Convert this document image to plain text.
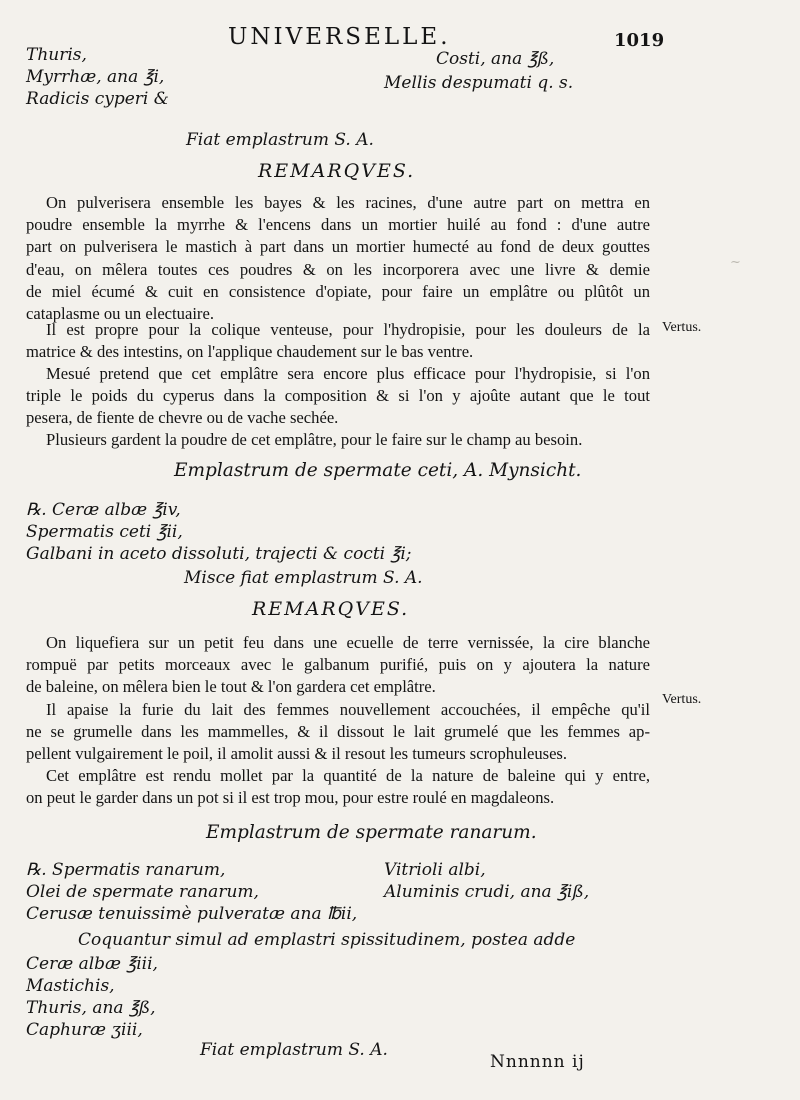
UNIVERSELLE.	1019
Thuris,
Myrrhæ, ana ℥i,
Radicis cyperi &
Costi, ana ℥ß,
Mellis despumati q. s.
Fiat emplastrum S. A.
REMARQVES.
On pulverisera ensemble les bayes & les racines, d'une autre part on mettra en
poudre ensemble la myrrhe & l'encens dans un mortier huilé au fond : d'une autre
part on pulverisera le mastich à part dans un mortier humecté au fond de deux gouttes
d'eau, on mêlera toutes ces poudres & on les incorporera avec une livre & demie
de miel écumé & cuit en consistence d'opiate, pour faire un emplâtre ou plûtôt un
cataplasme ou un electuaire.
Il est propre pour la colique venteuse, pour l'hydropisie, pour les douleurs de la
matrice & des intestins, on l'applique chaudement sur le bas ventre.
Vertus.
Mesué pretend que cet emplâtre sera encore plus efficace pour l'hydropisie, si l'on
triple le poids du cyperus dans la composition & si l'on y ajoûte autant que le tout
pesera, de fiente de chevre ou de vache sechée.
Plusieurs gardent la poudre de cet emplâtre, pour le faire sur le champ au besoin.
Emplastrum de spermate ceti, A. Mynsicht.
℞. Ceræ albæ ℥iv,
Spermatis ceti ℥ii,
Galbani in aceto dissoluti, trajecti & cocti ℥i;
Misce fiat emplastrum S. A.
REMARQVES.
On liquefiera sur un petit feu dans une ecuelle de terre vernissée, la cire blanche
rompuë par petits morceaux avec le galbanum purifié, puis on y ajoutera la nature
de baleine, on mêlera bien le tout & l'on gardera cet emplâtre.
Il apaise la furie du lait des femmes nouvellement accouchées, il empêche qu'il
ne se grumelle dans les mammelles, & il dissout le lait grumelé que les femmes ap-
pellent vulgairement le poil, il amolit aussi & il resout les tumeurs scrophuleuses.
Vertus.
Cet emplâtre est rendu mollet par la quantité de la nature de baleine qui y entre,
on peut le garder dans un pot si il est trop mou, pour estre roulé en magdaleons.
Emplastrum de spermate ranarum.
℞. Spermatis ranarum,
Olei de spermate ranarum,
Cerusæ tenuissimè pulveratæ ana ℔ii,
Vitrioli albi,
Aluminis crudi, ana ℥iß,
Coquantur simul ad emplastri spissitudinem, postea adde
Ceræ albæ ℥iii,
Mastichis,
Thuris, ana ℥ß,
Caphuræ ʒiii,
Fiat emplastrum S. A.
Nnnnnn ij
~
